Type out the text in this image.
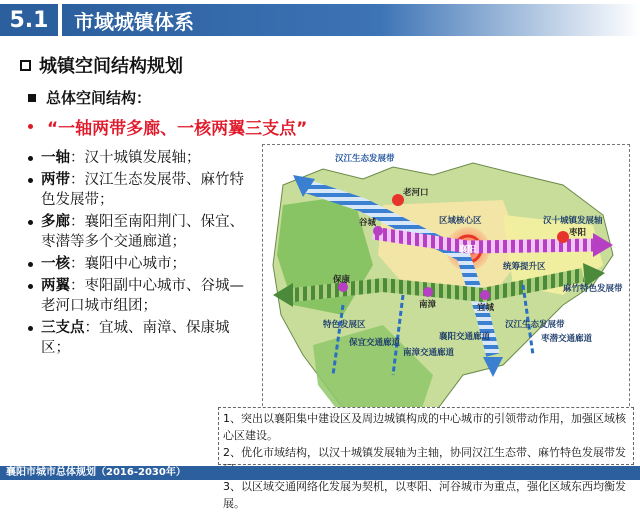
5.1	市域城镇体系
城镇空间结构规划
总体空间结构：
“一轴两带多廊、一核两翼三支点”
一轴：汉十城镇发展轴；
两带：汉江生态发展带、麻竹特色发展带；
多廊：襄阳至南阳荆门、保宜、枣潜等多个交通廊道；
一核：襄阳中心城市；
两翼：枣阳副中心城市、谷城—老河口城市组团；
三支点：宜城、南漳、保康城区；
汉江生态发展带
区域核心区	汉十城镇发展轴
统筹提升区
麻竹特色发展带
特色发展区
保宜交通廊道
南漳交通廊道
襄阳交通廊道
汉江生态发展带
枣潜交通廊道
老河口
谷城
襄阳
枣阳
保康
南漳	宜城
1、突出以襄阳集中建设区及周边城镇构成的中心城市的引领带动作用，加强区域核心区建设。
2、优化市域结构，以汉十城镇发展轴为主轴，协同汉江生态带、麻竹特色发展带发
3、以区域交通网络化发展为契机，以枣阳、河谷城市为重点，强化区域东西均衡发展。
襄阳市城市总体规划（2016-2030年）
